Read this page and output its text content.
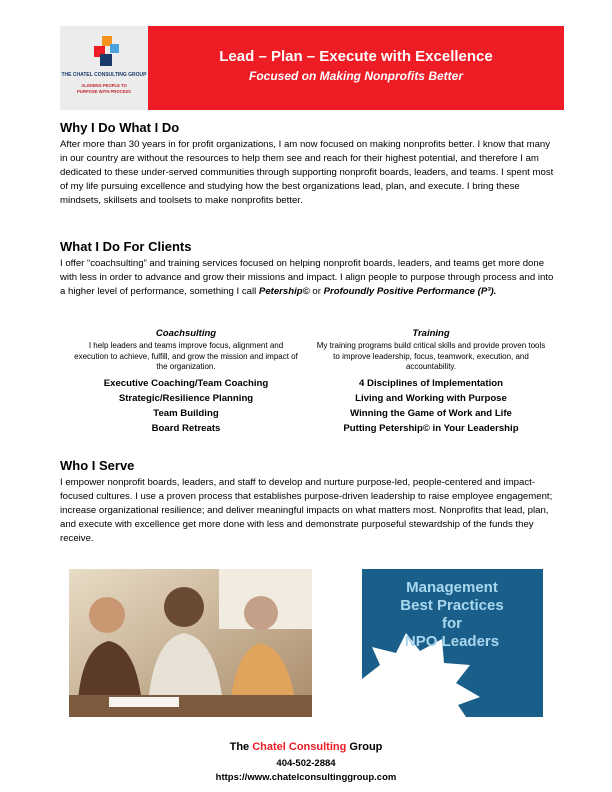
THE CHATEL CONSULTING GROUP
ALIGNING PEOPLE TO
PURPOSE WITH PROCESS
Lead – Plan – Execute with Excellence
Focused on Making Nonprofits Better
Why I Do What I Do

After more than 30 years in for profit organizations, I am now focused on making nonprofits better. I know that many in our country are without the resources to help them see and reach for their highest potential, and therefore I am dedicated to these under-served communities through supporting nonprofit boards, leaders, and teams. I spent most of my life pursuing excellence and studying how the best organizations lead, plan, and execute. I bring these mindsets, skillsets and toolsets to make nonprofits better.

What I Do For Clients

I offer “coachsulting” and training services focused on helping nonprofit boards, leaders, and teams get more done with less in order to advance and grow their missions and impact. I align people to purpose through process and into a higher level of performance, something I call Petership© or Profoundly Positive Performance (P³).

Coachsulting
I help leaders and teams improve focus, alignment and execution to achieve, fulfill, and grow the mission and impact of the organization.
Executive Coaching/Team Coaching
Strategic/Resilience Planning
Team Building
Board Retreats
Training
My training programs build critical skills and provide proven tools to improve leadership, focus, teamwork, execution, and accountability.
4 Disciplines of Implementation
Living and Working with Purpose
Winning the Game of Work and Life
Putting Petership© in Your Leadership
Who I Serve

I empower nonprofit boards, leaders, and staff to develop and nurture purpose-led, people-centered and impact-focused cultures. I use a proven process that establishes purpose-driven leadership to raise employee engagement; increase organizational resilience; and deliver meaningful impacts on what matters most. Nonprofits that lead, plan, and execute with excellence get more done with less and demonstrate purposeful stewardship of the funds they receive.

Management
Best Practices
for
NPO Leaders
The Chatel Consulting Group
404-502-2884
https://www.chatelconsultinggroup.com
